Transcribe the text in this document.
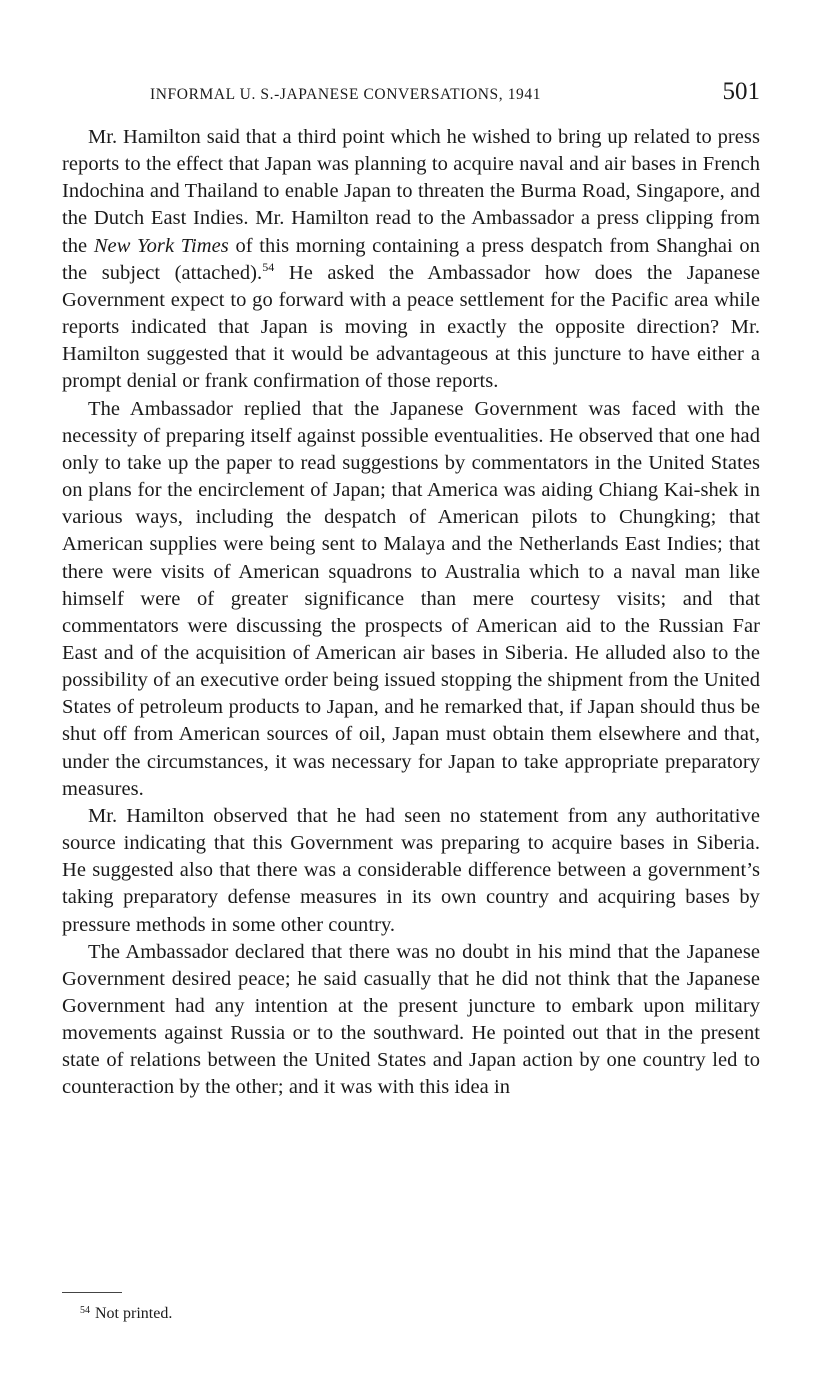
INFORMAL U. S.-JAPANESE CONVERSATIONS, 1941	501

Mr. Hamilton said that a third point which he wished to bring up related to press reports to the effect that Japan was planning to acquire naval and air bases in French Indochina and Thailand to enable Japan to threaten the Burma Road, Singapore, and the Dutch East Indies. Mr. Hamilton read to the Ambassador a press clipping from the New York Times of this morning containing a press despatch from Shanghai on the subject (attached).$^{54}$ He asked the Ambassador how does the Japanese Government expect to go forward with a peace settlement for the Pacific area while reports indicated that Japan is moving in exactly the opposite direction? Mr. Hamilton suggested that it would be advantageous at this juncture to have either a prompt denial or frank confirmation of those reports.

The Ambassador replied that the Japanese Government was faced with the necessity of preparing itself against possible eventualities. He observed that one had only to take up the paper to read suggestions by commentators in the United States on plans for the encirclement of Japan; that America was aiding Chiang Kai-shek in various ways, including the despatch of American pilots to Chungking; that American supplies were being sent to Malaya and the Netherlands East Indies; that there were visits of American squadrons to Australia which to a naval man like himself were of greater significance than mere courtesy visits; and that commentators were discussing the prospects of American aid to the Russian Far East and of the acquisition of American air bases in Siberia. He alluded also to the possibility of an executive order being issued stopping the shipment from the United States of petroleum products to Japan, and he remarked that, if Japan should thus be shut off from American sources of oil, Japan must obtain them elsewhere and that, under the circumstances, it was necessary for Japan to take appropriate preparatory measures.

Mr. Hamilton observed that he had seen no statement from any authoritative source indicating that this Government was preparing to acquire bases in Siberia. He suggested also that there was a considerable difference between a government’s taking preparatory defense measures in its own country and acquiring bases by pressure methods in some other country.

The Ambassador declared that there was no doubt in his mind that the Japanese Government desired peace; he said casually that he did not think that the Japanese Government had any intention at the present juncture to embark upon military movements against Russia or to the southward. He pointed out that in the present state of relations between the United States and Japan action by one country led to counteraction by the other; and it was with this idea in

$^{54}$ Not printed.
